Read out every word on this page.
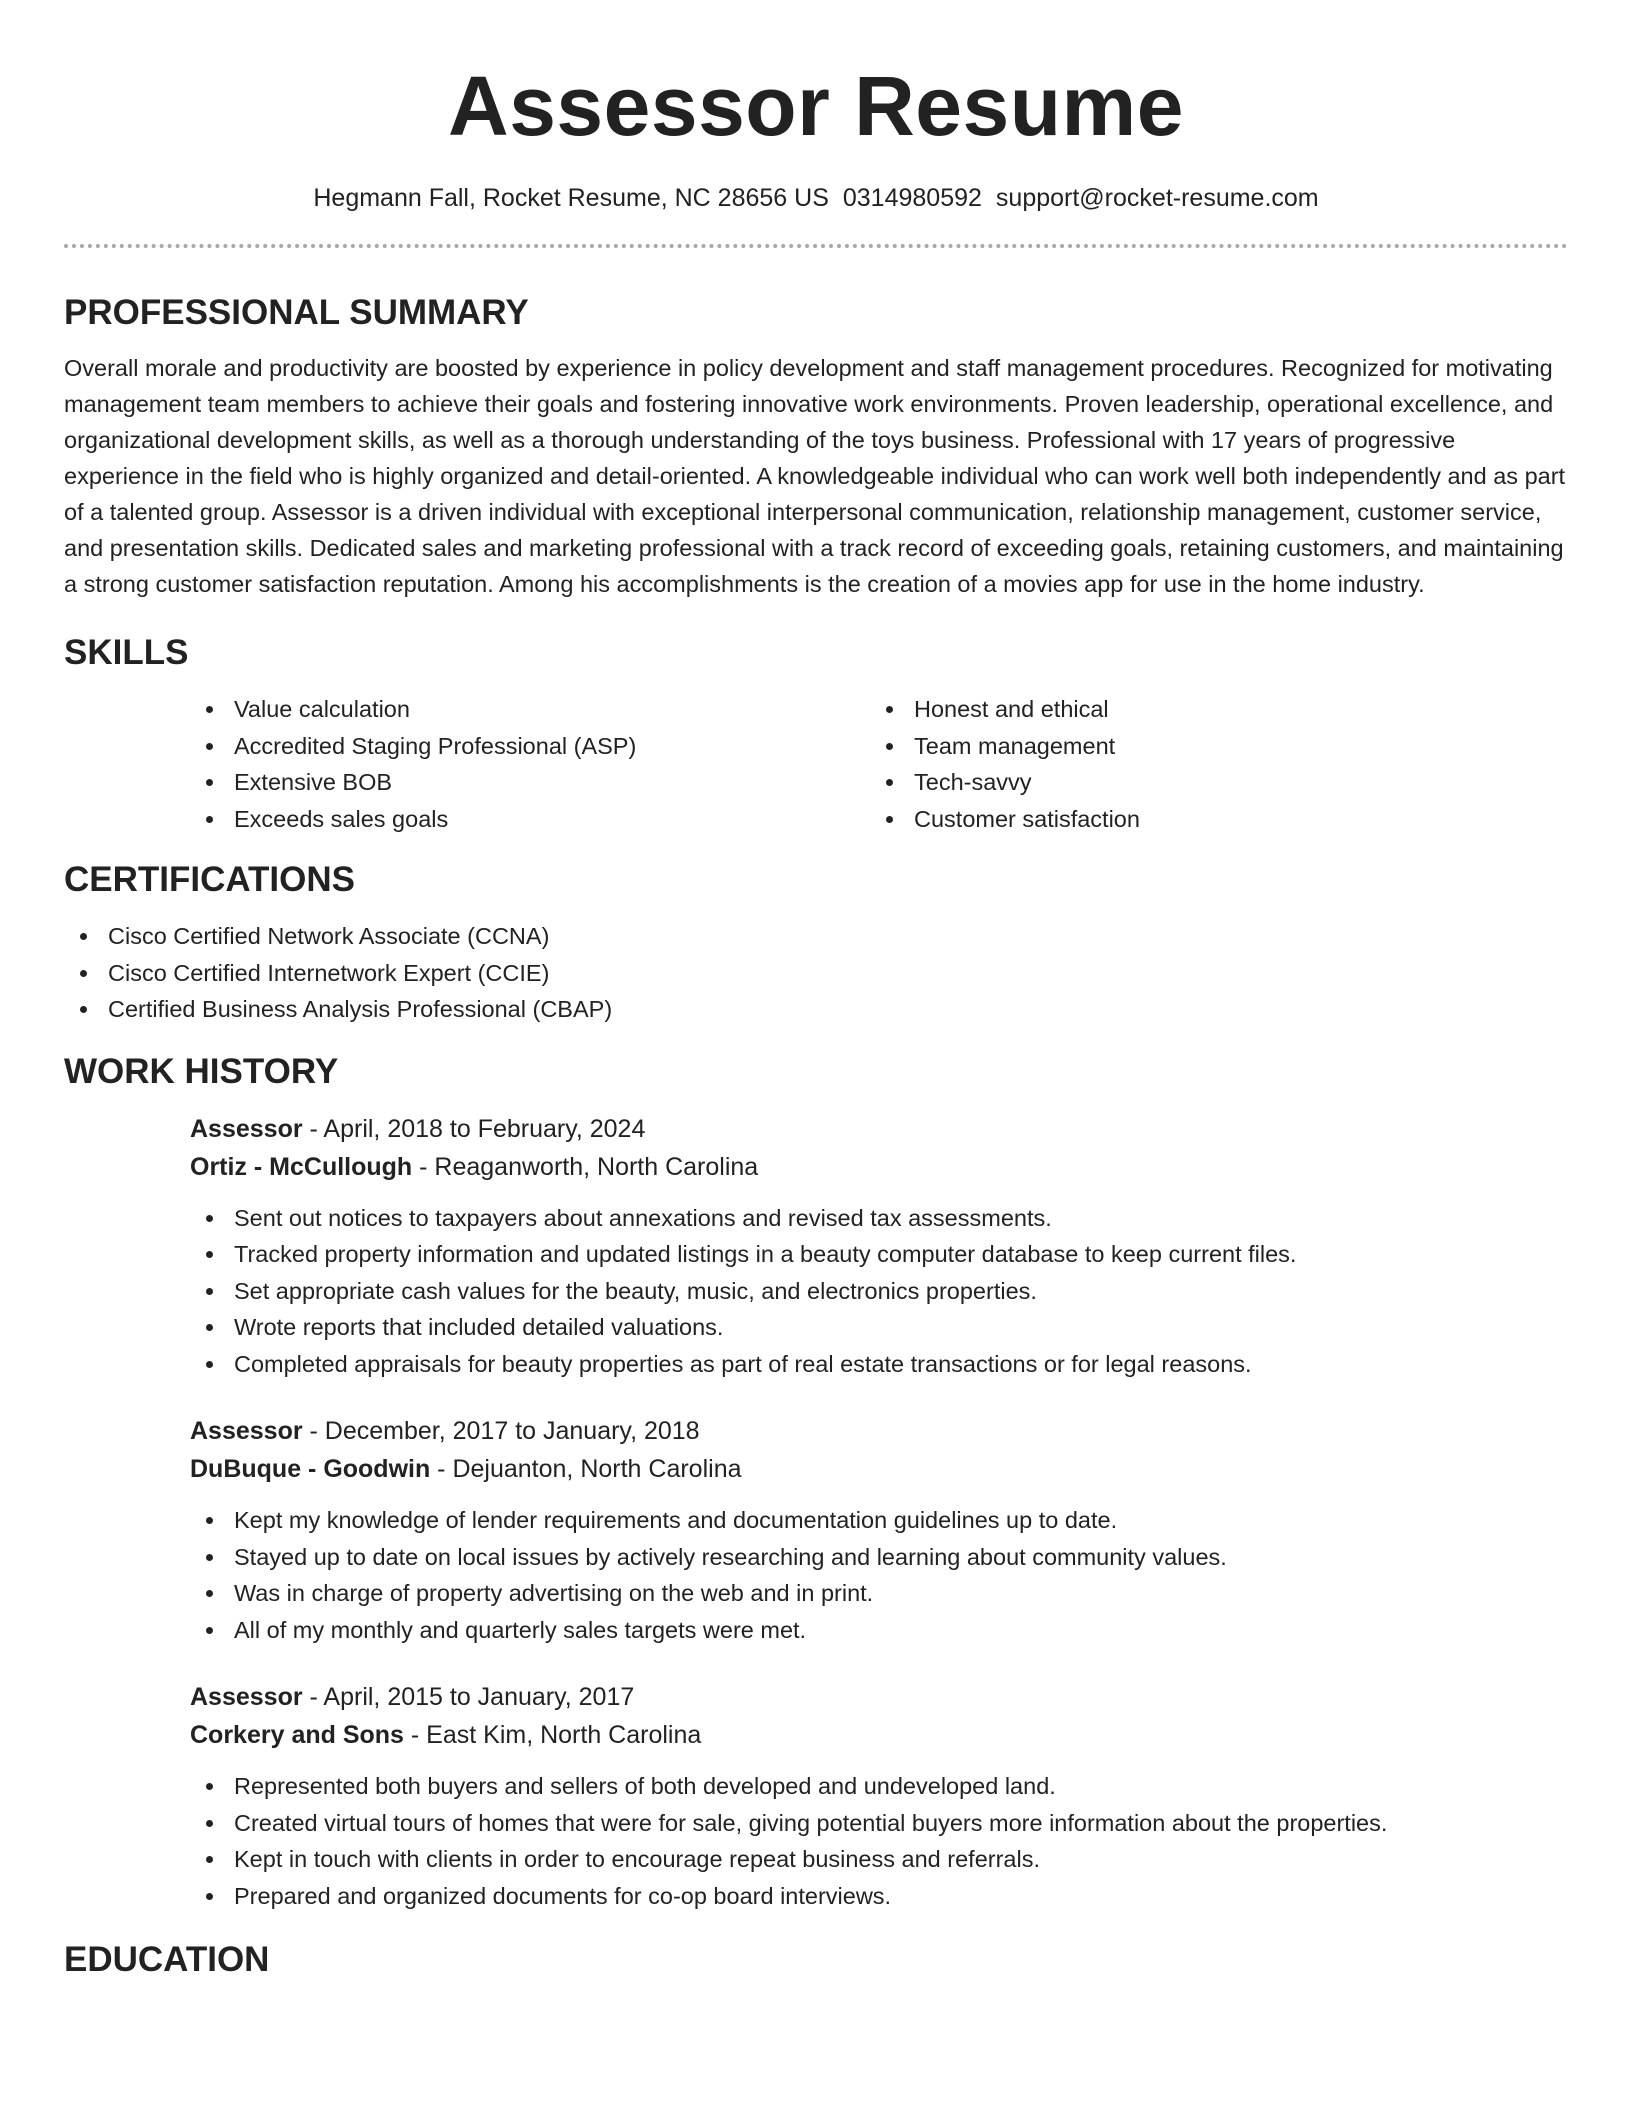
Assessor Resume
Hegmann Fall, Rocket Resume, NC 28656 US 0314980592 support@rocket-resume.com
PROFESSIONAL SUMMARY

Overall morale and productivity are boosted by experience in policy development and staff management procedures. Recognized for motivating management team members to achieve their goals and fostering innovative work environments. Proven leadership, operational excellence, and organizational development skills, as well as a thorough understanding of the toys business. Professional with 17 years of progressive experience in the field who is highly organized and detail-oriented. A knowledgeable individual who can work well both independently and as part of a talented group. Assessor is a driven individual with exceptional interpersonal communication, relationship management, customer service, and presentation skills. Dedicated sales and marketing professional with a track record of exceeding goals, retaining customers, and maintaining a strong customer satisfaction reputation. Among his accomplishments is the creation of a movies app for use in the home industry.

SKILLS
Value calculation
Accredited Staging Professional (ASP)
Extensive BOB
Exceeds sales goals
Honest and ethical
Team management
Tech-savvy
Customer satisfaction
CERTIFICATIONS
Cisco Certified Network Associate (CCNA)
Cisco Certified Internetwork Expert (CCIE)
Certified Business Analysis Professional (CBAP)
WORK HISTORY
Assessor - April, 2018 to February, 2024
Ortiz - McCullough - Reaganworth, North Carolina
Sent out notices to taxpayers about annexations and revised tax assessments.
Tracked property information and updated listings in a beauty computer database to keep current files.
Set appropriate cash values for the beauty, music, and electronics properties.
Wrote reports that included detailed valuations.
Completed appraisals for beauty properties as part of real estate transactions or for legal reasons.
Assessor - December, 2017 to January, 2018
DuBuque - Goodwin - Dejuanton, North Carolina
Kept my knowledge of lender requirements and documentation guidelines up to date.
Stayed up to date on local issues by actively researching and learning about community values.
Was in charge of property advertising on the web and in print.
All of my monthly and quarterly sales targets were met.
Assessor - April, 2015 to January, 2017
Corkery and Sons - East Kim, North Carolina
Represented both buyers and sellers of both developed and undeveloped land.
Created virtual tours of homes that were for sale, giving potential buyers more information about the properties.
Kept in touch with clients in order to encourage repeat business and referrals.
Prepared and organized documents for co-op board interviews.
EDUCATION
